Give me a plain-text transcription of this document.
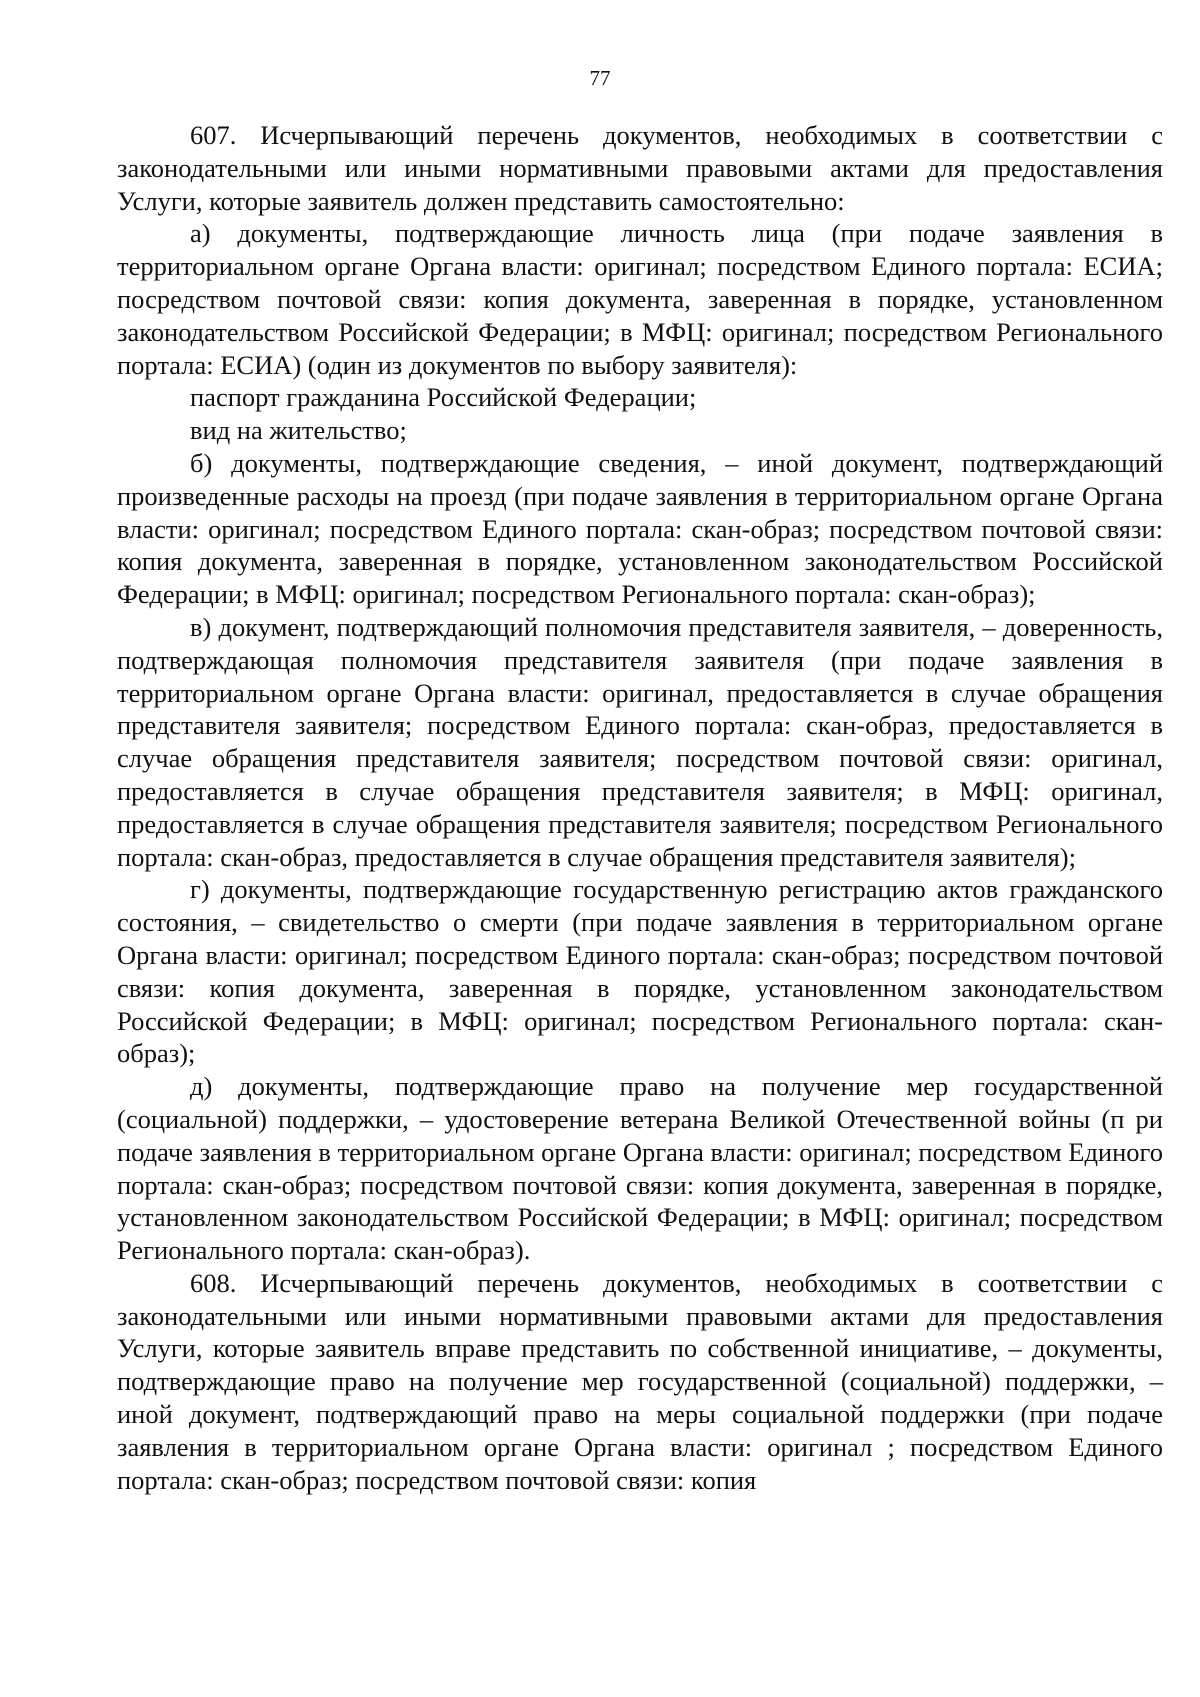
77

607. Исчерпывающий перечень документов, необходимых в соответствии с законодательными или иными нормативными правовыми актами для предоставления Услуги, которые заявитель должен представить самостоятельно:

а) документы, подтверждающие личность лица (при подаче заявления в территориальном органе Органа власти: оригинал; посредством Единого портала: ЕСИА; посредством почтовой связи: копия документа, заверенная в порядке, установленном законодательством Российской Федерации; в МФЦ: оригинал; посредством Регионального портала: ЕСИА) (один из документов по выбору заявителя):

паспорт гражданина Российской Федерации;

вид на жительство;

б) документы, подтверждающие сведения, – иной документ, подтверждающий произведенные расходы на проезд (при подаче заявления в территориальном органе Органа власти: оригинал; посредством Единого портала: скан-образ; посредством почтовой связи: копия документа, заверенная в порядке, установленном законодательством Российской Федерации; в МФЦ: оригинал; посредством Регионального портала: скан-образ);

в) документ, подтверждающий полномочия представителя заявителя, – доверенность, подтверждающая полномочия представителя заявителя (при подаче заявления в территориальном органе Органа власти: оригинал, предоставляется в случае обращения представителя заявителя; посредством Единого портала: скан-образ, предоставляется в случае обращения представителя заявителя; посредством почтовой связи: оригинал, предоставляется в случае обращения представителя заявителя; в МФЦ: оригинал, предоставляется в случае обращения представителя заявителя; посредством Регионального портала: скан-образ, предоставляется в случае обращения представителя заявителя);

г) документы, подтверждающие государственную регистрацию актов гражданского состояния, – свидетельство о смерти (при подаче заявления в территориальном органе Органа власти: оригинал; посредством Единого портала: скан-образ; посредством почтовой связи: копия документа, заверенная в порядке, установленном законодательством Российской Федерации; в МФЦ: оригинал; посредством Регионального портала: скан-образ);

д) документы, подтверждающие право на получение мер государственной (социальной) поддержки, – удостоверение ветерана Великой Отечественной войны (п ри подаче заявления в территориальном органе Органа власти: оригинал; посредством Единого портала: скан-образ; посредством почтовой связи: копия документа, заверенная в порядке, установленном законодательством Российской Федерации; в МФЦ: оригинал; посредством Регионального портала: скан-образ).

608. Исчерпывающий перечень документов, необходимых в соответствии с законодательными или иными нормативными правовыми актами для предоставления Услуги, которые заявитель вправе представить по собственной инициативе, – документы, подтверждающие право на получение мер государственной (социальной) поддержки, – иной документ, подтверждающий право на меры социальной поддержки (при подаче заявления в территориальном органе Органа власти: оригинал ; посредством Единого портала: скан-образ; посредством почтовой связи: копия
